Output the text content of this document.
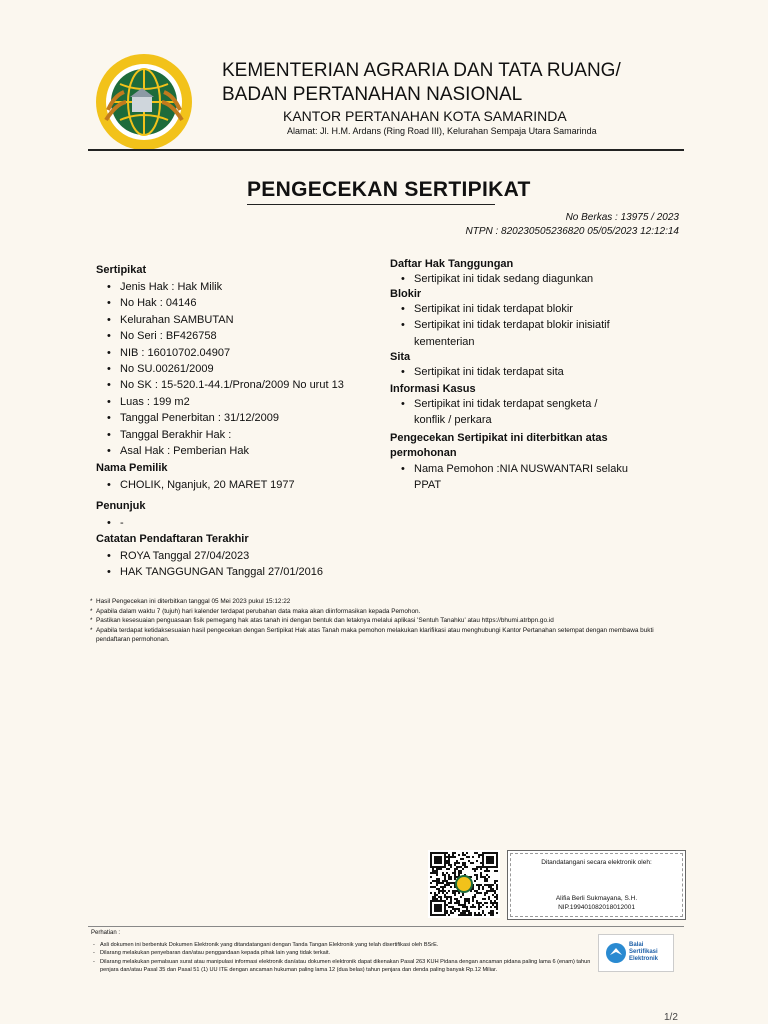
KEMENTERIAN AGRARIA DAN TATA RUANG/
BADAN PERTANAHAN NASIONAL
KANTOR PERTANAHAN KOTA SAMARINDA
Alamat: Jl. H.M. Ardans (Ring Road III), Kelurahan Sempaja Utara Samarinda
PENGECEKAN SERTIPIKAT
No Berkas : 13975 / 2023
NTPN : 820230505236820 05/05/2023 12:12:14
Sertipikat
• Jenis Hak : Hak Milik
• No Hak : 04146
• Kelurahan SAMBUTAN
• No Seri : BF426758
• NIB : 16010702.04907
• No SU.00261/2009
• No SK : 15-520.1-44.1/Prona/2009 No urut 13
• Luas : 199 m2
• Tanggal Penerbitan : 31/12/2009
• Tanggal Berakhir Hak :
• Asal Hak : Pemberian Hak
Nama Pemilik
• CHOLIK, Nganjuk, 20 MARET 1977
Penunjuk
• -
Catatan Pendaftaran Terakhir
• ROYA Tanggal 27/04/2023
• HAK TANGGUNGAN Tanggal 27/01/2016
Daftar Hak Tanggungan
• Sertipikat ini tidak sedang diagunkan
Blokir
• Sertipikat ini tidak terdapat blokir
• Sertipikat ini tidak terdapat blokir inisiatif kementerian
Sita
• Sertipikat ini tidak terdapat sita
Informasi Kasus
• Sertipikat ini tidak terdapat sengketa / konflik / perkara
Pengecekan Sertipikat ini diterbitkan atas permohonan
• Nama Pemohon :NIA NUSWANTARI selaku PPAT
* Hasil Pengecekan ini diterbitkan tanggal 05 Mei 2023 pukul 15:12:22
* Apabila dalam waktu 7 (tujuh) hari kalender terdapat perubahan data maka akan diinformasikan kepada Pemohon.
* Pastikan kesesuaian penguasaan fisik pemegang hak atas tanah ini dengan bentuk dan letaknya melalui aplikasi 'Sentuh Tanahku' atau https://bhumi.atrbpn.go.id
* Apabila terdapat ketidaksesuaian hasil pengecekan dengan Sertipikat Hak atas Tanah maka pemohon melakukan klarifikasi atau menghubungi Kantor Pertanahan setempat dengan membawa bukti pendaftaran permohonan.
Ditandatangani secara elektronik oleh:
Alifia Berli Sukmayana, S.H.
NIP.199401082018012001
Perhatian :
- Asli dokumen ini berbentuk Dokumen Elektronik yang ditandatangani dengan Tanda Tangan Elektronik yang telah disertifikasi oleh BSrE.
- Dilarang melakukan penyebaran dan/atau penggandaan kepada pihak lain yang tidak terkait.
- Dilarang melakukan pemalsuan surat atau manipulasi informasi elektronik dan/atau dokumen elektronik dapat dikenakan Pasal 263 KUH Pidana dengan ancaman pidana paling lama 6 (enam) tahun penjara dan/atau Pasal 35 dan Pasal 51 (1) UU ITE dengan ancaman hukuman paling lama 12 (dua belas) tahun penjara dan denda paling banyak Rp.12 Miliar.
Balai
Sertifikasi
Elektronik
1/2
